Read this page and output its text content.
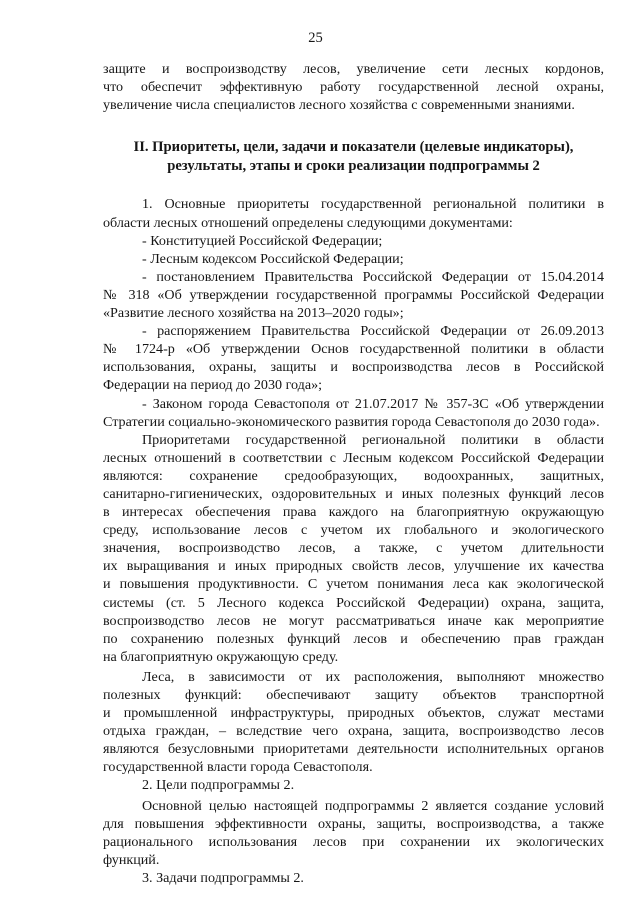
25

защите и воспроизводству лесов, увеличение сети лесных кордонов,

что обеспечит эффективную работу государственной лесной охраны,

увеличение числа специалистов лесного хозяйства с современными знаниями.

II. Приоритеты, цели, задачи и показатели (целевые индикаторы),
результаты, этапы и сроки реализации подпрограммы 2

1. Основные приоритеты государственной региональной политики в

области лесных отношений определены следующими документами:

- Конституцией Российской Федерации;

- Лесным кодексом Российской Федерации;

- постановлением Правительства Российской Федерации от 15.04.2014

№ 318 «Об утверждении государственной программы Российской Федерации

«Развитие лесного хозяйства на 2013–2020 годы»;

- распоряжением Правительства Российской Федерации от 26.09.2013

№ 1724-р «Об утверждении Основ государственной политики в области

использования, охраны, защиты и воспроизводства лесов в Российской

Федерации на период до 2030 года»;

- Законом города Севастополя от 21.07.2017 № 357-ЗС «Об утверждении

Стратегии социально-экономического развития города Севастополя до 2030 года».

Приоритетами государственной региональной политики в области

лесных отношений в соответствии с Лесным кодексом Российской Федерации

являются: сохранение средообразующих, водоохранных, защитных,

санитарно-гигиенических, оздоровительных и иных полезных функций лесов

в интересах обеспечения права каждого на благоприятную окружающую

среду, использование лесов с учетом их глобального и экологического

значения, воспроизводство лесов, а также, с учетом длительности

их выращивания и иных природных свойств лесов, улучшение их качества

и повышения продуктивности. С учетом понимания леса как экологической

системы (ст. 5 Лесного кодекса Российской Федерации) охрана, защита,

воспроизводство лесов не могут рассматриваться иначе как мероприятие

по сохранению полезных функций лесов и обеспечению прав граждан

на благоприятную окружающую среду.

Леса, в зависимости от их расположения, выполняют множество

полезных функций: обеспечивают защиту объектов транспортной

и промышленной инфраструктуры, природных объектов, служат местами

отдыха граждан, – вследствие чего охрана, защита, воспроизводство лесов

являются безусловными приоритетами деятельности исполнительных органов

государственной власти города Севастополя.

2. Цели подпрограммы 2.

Основной целью настоящей подпрограммы 2 является создание условий

для повышения эффективности охраны, защиты, воспроизводства, а также

рационального использования лесов при сохранении их экологических

функций.

3. Задачи подпрограммы 2.
